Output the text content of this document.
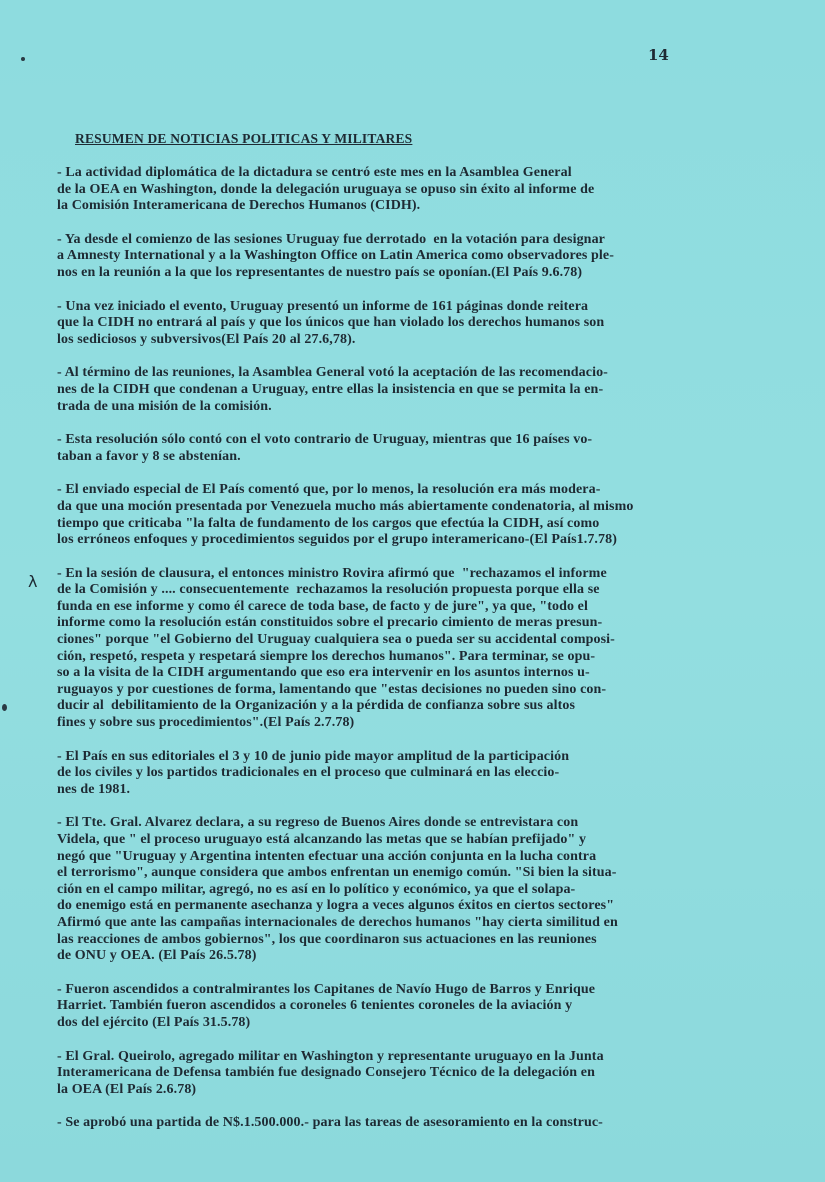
14
RESUMEN DE NOTICIAS POLITICAS Y MILITARES
λ

- La actividad diplomática de la dictadura se centró este mes en la Asamblea General
de la OEA en Washington, donde la delegación uruguaya se opuso sin éxito al informe de
la Comisión Interamericana de Derechos Humanos (CIDH).

- Ya desde el comienzo de las sesiones Uruguay fue derrotado  en la votación para designar
a Amnesty International y a la Washington Office on Latin America como observadores ple-
nos en la reunión a la que los representantes de nuestro país se oponían.(El País 9.6.78)

- Una vez iniciado el evento, Uruguay presentó un informe de 161 páginas donde reitera
que la CIDH no entrará al país y que los únicos que han violado los derechos humanos son
los sediciosos y subversivos(El País 20 al 27.6,78).

- Al término de las reuniones, la Asamblea General votó la aceptación de las recomendacio-
nes de la CIDH que condenan a Uruguay, entre ellas la insistencia en que se permita la en-
trada de una misión de la comisión.

- Esta resolución sólo contó con el voto contrario de Uruguay, mientras que 16 países vo-
taban a favor y 8 se abstenían.

- El enviado especial de El País comentó que, por lo menos, la resolución era más modera-
da que una moción presentada por Venezuela mucho más abiertamente condenatoria, al mismo
tiempo que criticaba "la falta de fundamento de los cargos que efectúa la CIDH, así como
los erróneos enfoques y procedimientos seguidos por el grupo interamericano-(El País1.7.78)

- En la sesión de clausura, el entonces ministro Rovira afirmó que  "rechazamos el informe
de la Comisión y .... consecuentemente  rechazamos la resolución propuesta porque ella se
funda en ese informe y como él carece de toda base, de facto y de jure", ya que, "todo el
informe como la resolución están constituidos sobre el precario cimiento de meras presun-
ciones" porque "el Gobierno del Uruguay cualquiera sea o pueda ser su accidental composi-
ción, respetó, respeta y respetará siempre los derechos humanos". Para terminar, se opu-
so a la visita de la CIDH argumentando que eso era intervenir en los asuntos internos u-
ruguayos y por cuestiones de forma, lamentando que "estas decisiones no pueden sino con-
ducir al  debilitamiento de la Organización y a la pérdida de confianza sobre sus altos
fines y sobre sus procedimientos".(El País 2.7.78)

- El País en sus editoriales el 3 y 10 de junio pide mayor amplitud de la participación
de los civiles y los partidos tradicionales en el proceso que culminará en las eleccio-
nes de 1981.

- El Tte. Gral. Alvarez declara, a su regreso de Buenos Aires donde se entrevistara con
Videla, que " el proceso uruguayo está alcanzando las metas que se habían prefijado" y
negó que "Uruguay y Argentina intenten efectuar una acción conjunta en la lucha contra
el terrorismo", aunque considera que ambos enfrentan un enemigo común. "Si bien la situa-
ción en el campo militar, agregó, no es así en lo político y económico, ya que el solapa-
do enemigo está en permanente asechanza y logra a veces algunos éxitos en ciertos sectores"
Afirmó que ante las campañas internacionales de derechos humanos "hay cierta similitud en
las reacciones de ambos gobiernos", los que coordinaron sus actuaciones en las reuniones
de ONU y OEA. (El País 26.5.78)

- Fueron ascendidos a contralmirantes los Capitanes de Navío Hugo de Barros y Enrique
Harriet. También fueron ascendidos a coroneles 6 tenientes coroneles de la aviación y
dos del ejército (El País 31.5.78)

- El Gral. Queirolo, agregado militar en Washington y representante uruguayo en la Junta
Interamericana de Defensa también fue designado Consejero Técnico de la delegación en
la OEA (El País 2.6.78)

- Se aprobó una partida de N$.1.500.000.- para las tareas de asesoramiento en la construc-
